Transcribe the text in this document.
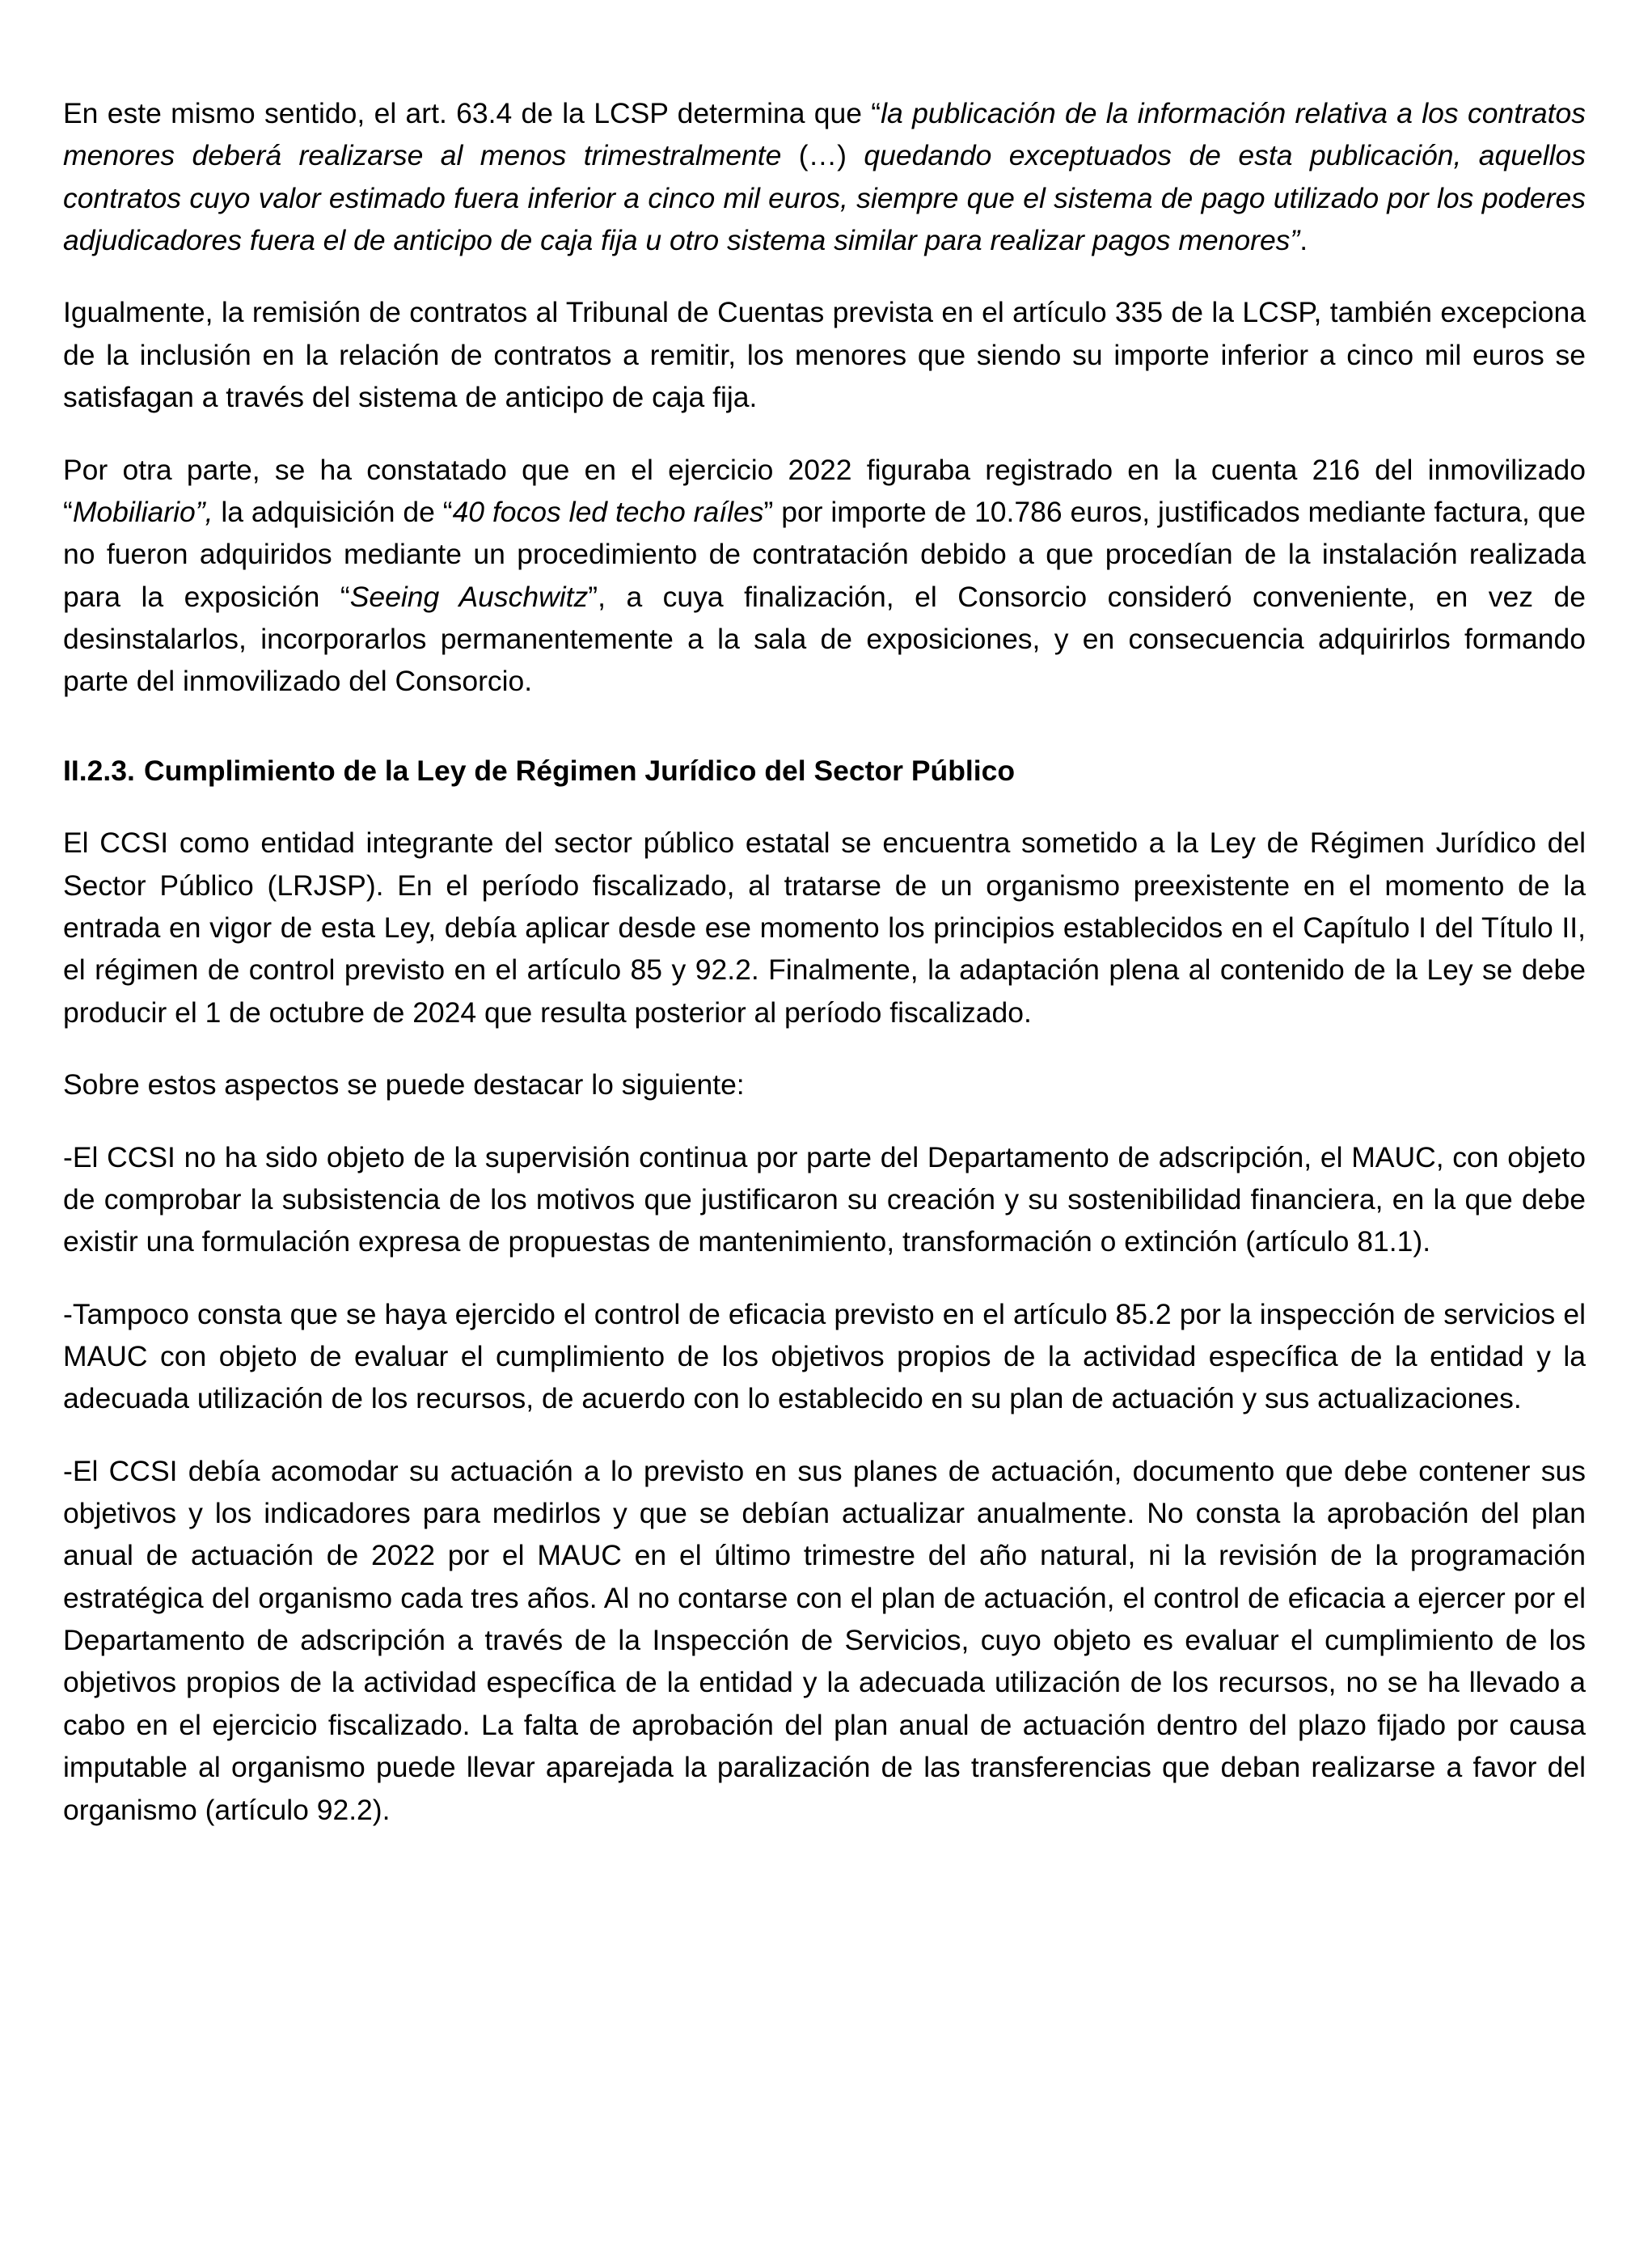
En este mismo sentido, el art. 63.4 de la LCSP determina que “la publicación de la información relativa a los contratos menores deberá realizarse al menos trimestralmente (…) quedando exceptuados de esta publicación, aquellos contratos cuyo valor estimado fuera inferior a cinco mil euros, siempre que el sistema de pago utilizado por los poderes adjudicadores fuera el de anticipo de caja fija u otro sistema similar para realizar pagos menores”.

Igualmente, la remisión de contratos al Tribunal de Cuentas prevista en el artículo 335 de la LCSP, también excepciona de la inclusión en la relación de contratos a remitir, los menores que siendo su importe inferior a cinco mil euros se satisfagan a través del sistema de anticipo de caja fija.

Por otra parte, se ha constatado que en el ejercicio 2022 figuraba registrado en la cuenta 216 del inmovilizado “Mobiliario”, la adquisición de “40 focos led techo raíles” por importe de 10.786 euros, justificados mediante factura, que no fueron adquiridos mediante un procedimiento de contratación debido a que procedían de la instalación realizada para la exposición “Seeing Auschwitz”, a cuya finalización, el Consorcio consideró conveniente, en vez de desinstalarlos, incorporarlos permanentemente a la sala de exposiciones, y en consecuencia adquirirlos formando parte del inmovilizado del Consorcio.

II.2.3. Cumplimiento de la Ley de Régimen Jurídico del Sector Público

El CCSI como entidad integrante del sector público estatal se encuentra sometido a la Ley de Régimen Jurídico del Sector Público (LRJSP). En el período fiscalizado, al tratarse de un organismo preexistente en el momento de la entrada en vigor de esta Ley, debía aplicar desde ese momento los principios establecidos en el Capítulo I del Título II, el régimen de control previsto en el artículo 85 y 92.2. Finalmente, la adaptación plena al contenido de la Ley se debe producir el 1 de octubre de 2024 que resulta posterior al período fiscalizado.

Sobre estos aspectos se puede destacar lo siguiente:

-El CCSI no ha sido objeto de la supervisión continua por parte del Departamento de adscripción, el MAUC, con objeto de comprobar la subsistencia de los motivos que justificaron su creación y su sostenibilidad financiera, en la que debe existir una formulación expresa de propuestas de mantenimiento, transformación o extinción (artículo 81.1).

-Tampoco consta que se haya ejercido el control de eficacia previsto en el artículo 85.2 por la inspección de servicios el MAUC con objeto de evaluar el cumplimiento de los objetivos propios de la actividad específica de la entidad y la adecuada utilización de los recursos, de acuerdo con lo establecido en su plan de actuación y sus actualizaciones.

-El CCSI debía acomodar su actuación a lo previsto en sus planes de actuación, documento que debe contener sus objetivos y los indicadores para medirlos y que se debían actualizar anualmente. No consta la aprobación del plan anual de actuación de 2022 por el MAUC en el último trimestre del año natural, ni la revisión de la programación estratégica del organismo cada tres años. Al no contarse con el plan de actuación, el control de eficacia a ejercer por el Departamento de adscripción a través de la Inspección de Servicios, cuyo objeto es evaluar el cumplimiento de los objetivos propios de la actividad específica de la entidad y la adecuada utilización de los recursos, no se ha llevado a cabo en el ejercicio fiscalizado. La falta de aprobación del plan anual de actuación dentro del plazo fijado por causa imputable al organismo puede llevar aparejada la paralización de las transferencias que deban realizarse a favor del organismo (artículo 92.2).
